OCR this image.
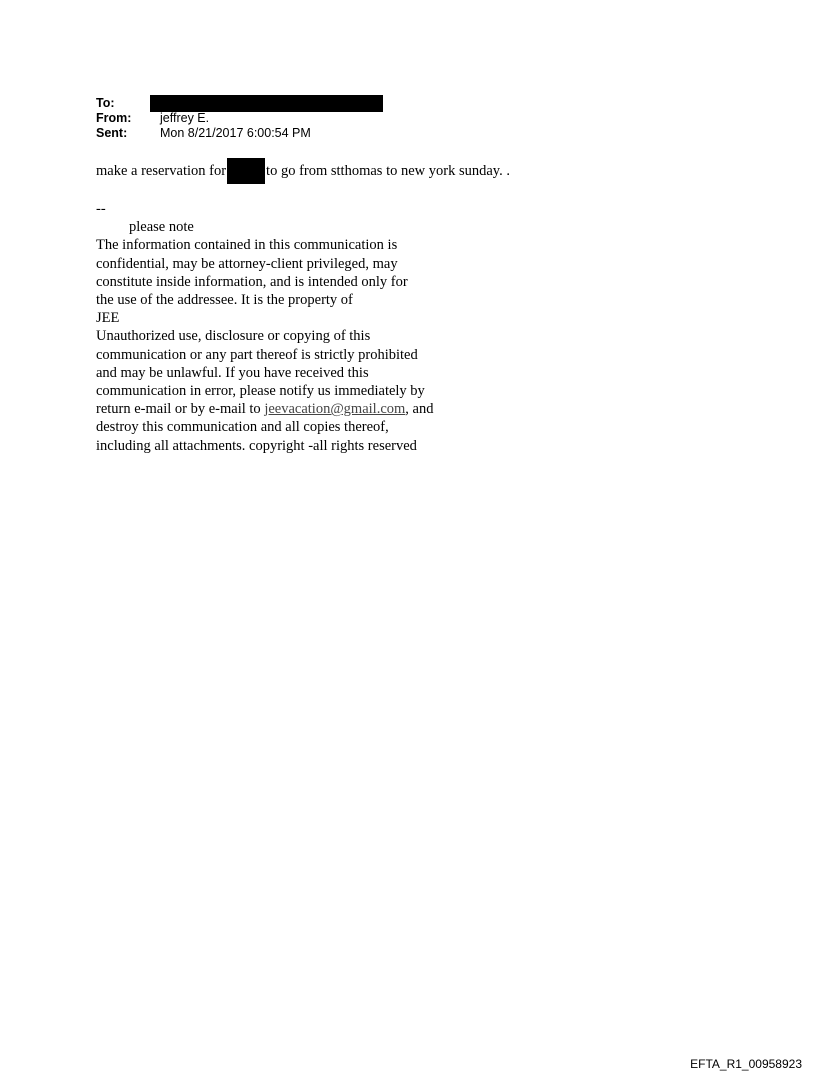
To:
From:	jeffrey E.
Sent:	Mon 8/21/2017 6:00:54 PM
make a reservation for	to go from stthomas to new york sunday. .
--
please note
The information contained in this communication is
confidential, may be attorney-client privileged, may
constitute inside information, and is intended only for
the use of the addressee. It is the property of
JEE
Unauthorized use, disclosure or copying of this
communication or any part thereof is strictly prohibited
and may be unlawful. If you have received this
communication in error, please notify us immediately by
return e-mail or by e-mail to jeevacation@gmail.com, and
destroy this communication and all copies thereof,
including all attachments. copyright -all rights reserved
EFTA_R1_00958923
